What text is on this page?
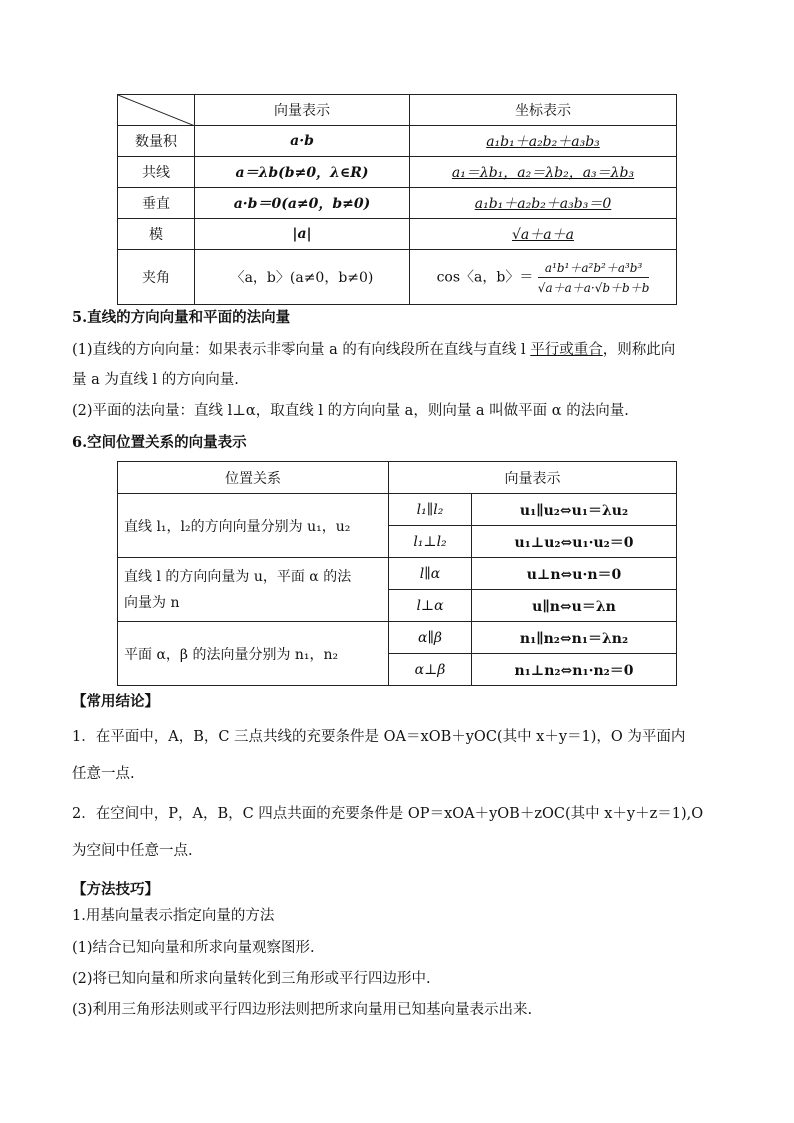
	向量表示	坐标表示
数量积	a·b	a₁b₁＋a₂b₂＋a₃b₃
共线	a＝λb(b≠0，λ∈R)	a₁＝λb₁，a₂＝λb₂，a₃＝λb₃
垂直	a·b＝0(a≠0，b≠0)	a₁b₁＋a₂b₂＋a₃b₃＝0
模	|a|	√a＋a＋a
夹角	〈a，b〉(a≠0，b≠0)	cos〈a，b〉＝ $\frac{\text{a¹b¹＋a²b²＋a³b³}}{√a+a+a\cdot√b+b+b}$
5.直线的方向向量和平面的法向量
(1)直线的方向向量：如果表示非零向量 a 的有向线段所在直线与直线 l 平行或重合，则称此向
量 a 为直线 l 的方向向量.
(2)平面的法向量：直线 l⊥α，取直线 l 的方向向量 a，则向量 a 叫做平面 α 的法向量.
6.空间位置关系的向量表示
位置关系	向量表示	
直线 l₁，l₂的方向向量分别为 u₁，u₂	l₁∥l₂	u₁∥u₂⇔u₁＝λu₂
	l₁⊥l₂	u₁⊥u₂⇔u₁·u₂＝0

直线 l 的方向向量为 u，平面 α 的法
向量为 n	l∥α	u⊥n⇔u·n＝0
	l⊥α	u∥n⇔u＝λn
平面 α，β 的法向量分别为 n₁，n₂	α∥β	n₁∥n₂⇔n₁＝λn₂
	α⊥β	n₁⊥n₂⇔n₁·n₂＝0
【常用结论】
1．在平面中，A，B，C 三点共线的充要条件是 OA＝xOB＋yOC(其中 x＋y＝1)，O 为平面内
任意一点.
2．在空间中，P，A，B，C 四点共面的充要条件是 OP＝xOA＋yOB＋zOC(其中 x＋y＋z＝1),O
为空间中任意一点.
【方法技巧】
1.用基向量表示指定向量的方法
(1)结合已知向量和所求向量观察图形.
(2)将已知向量和所求向量转化到三角形或平行四边形中.
(3)利用三角形法则或平行四边形法则把所求向量用已知基向量表示出来.
